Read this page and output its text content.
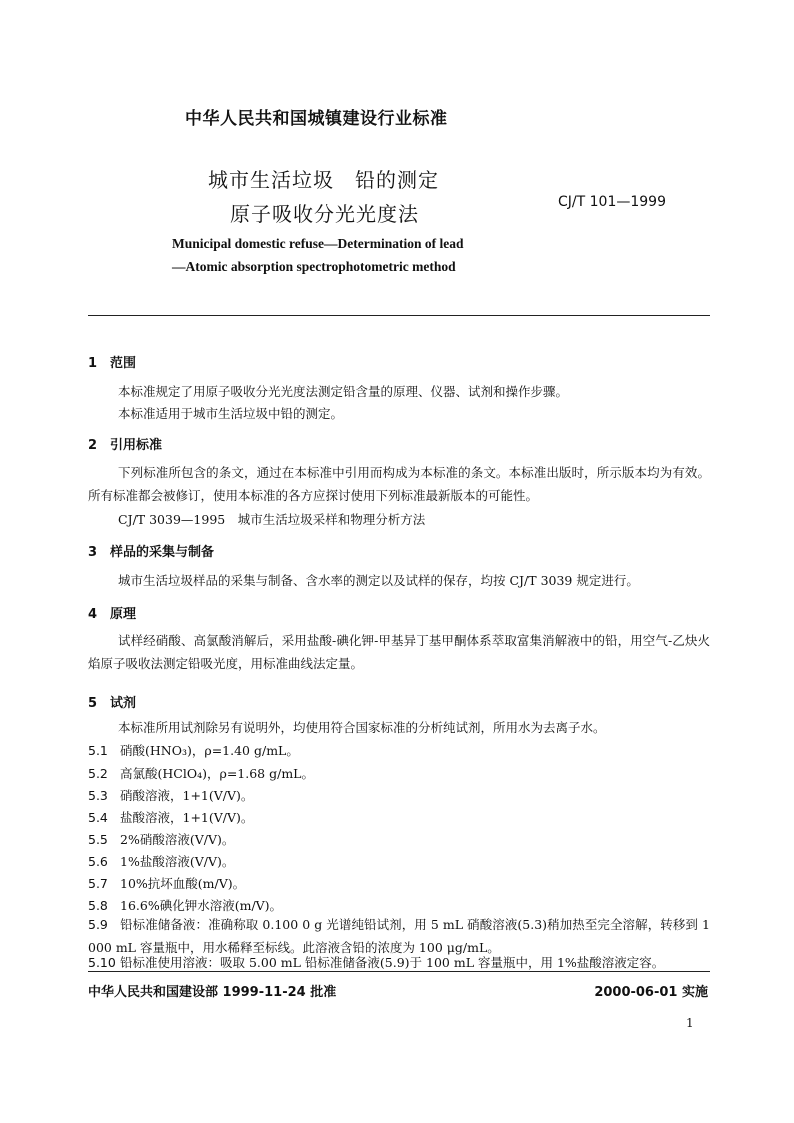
中华人民共和国城镇建设行业标准
城市生活垃圾　铅的测定
原子吸收分光光度法	CJ/T 101—1999
Municipal domestic refuse—Determination of lead
—Atomic absorption spectrophotometric method
1 范围
本标准规定了用原子吸收分光光度法测定铅含量的原理、仪器、试剂和操作步骤。
本标准适用于城市生活垃圾中铅的测定。
2 引用标准
下列标准所包含的条文，通过在本标准中引用而构成为本标准的条文。本标准出版时，所示版本均为有效。所有标准都会被修订，使用本标准的各方应探讨使用下列标准最新版本的可能性。
CJ/T 3039—1995　城市生活垃圾采样和物理分析方法
3 样品的采集与制备
城市生活垃圾样品的采集与制备、含水率的测定以及试样的保存，均按 CJ/T 3039 规定进行。
4 原理
试样经硝酸、高氯酸消解后，采用盐酸-碘化钾-甲基异丁基甲酮体系萃取富集消解液中的铅，用空气-乙炔火焰原子吸收法测定铅吸光度，用标准曲线法定量。
5 试剂
本标准所用试剂除另有说明外，均使用符合国家标准的分析纯试剂，所用水为去离子水。
5.1 硝酸(HNO₃)，ρ=1.40 g/mL。
5.2 高氯酸(HClO₄)，ρ=1.68 g/mL。
5.3 硝酸溶液，1+1(V/V)。
5.4 盐酸溶液，1+1(V/V)。
5.5 2%硝酸溶液(V/V)。
5.6 1%盐酸溶液(V/V)。
5.7 10%抗坏血酸(m/V)。
5.8 16.6%碘化钾水溶液(m/V)。
5.9 铅标准储备液：准确称取 0.100 0 g 光谱纯铅试剂，用 5 mL 硝酸溶液(5.3)稍加热至完全溶解，转移到 1 000 mL 容量瓶中，用水稀释至标线。此溶液含铅的浓度为 100 μg/mL。
5.10 铅标准使用溶液：吸取 5.00 mL 铅标准储备液(5.9)于 100 mL 容量瓶中，用 1%盐酸溶液定容。
中华人民共和国建设部 1999-11-24 批准	2000-06-01 实施
1
